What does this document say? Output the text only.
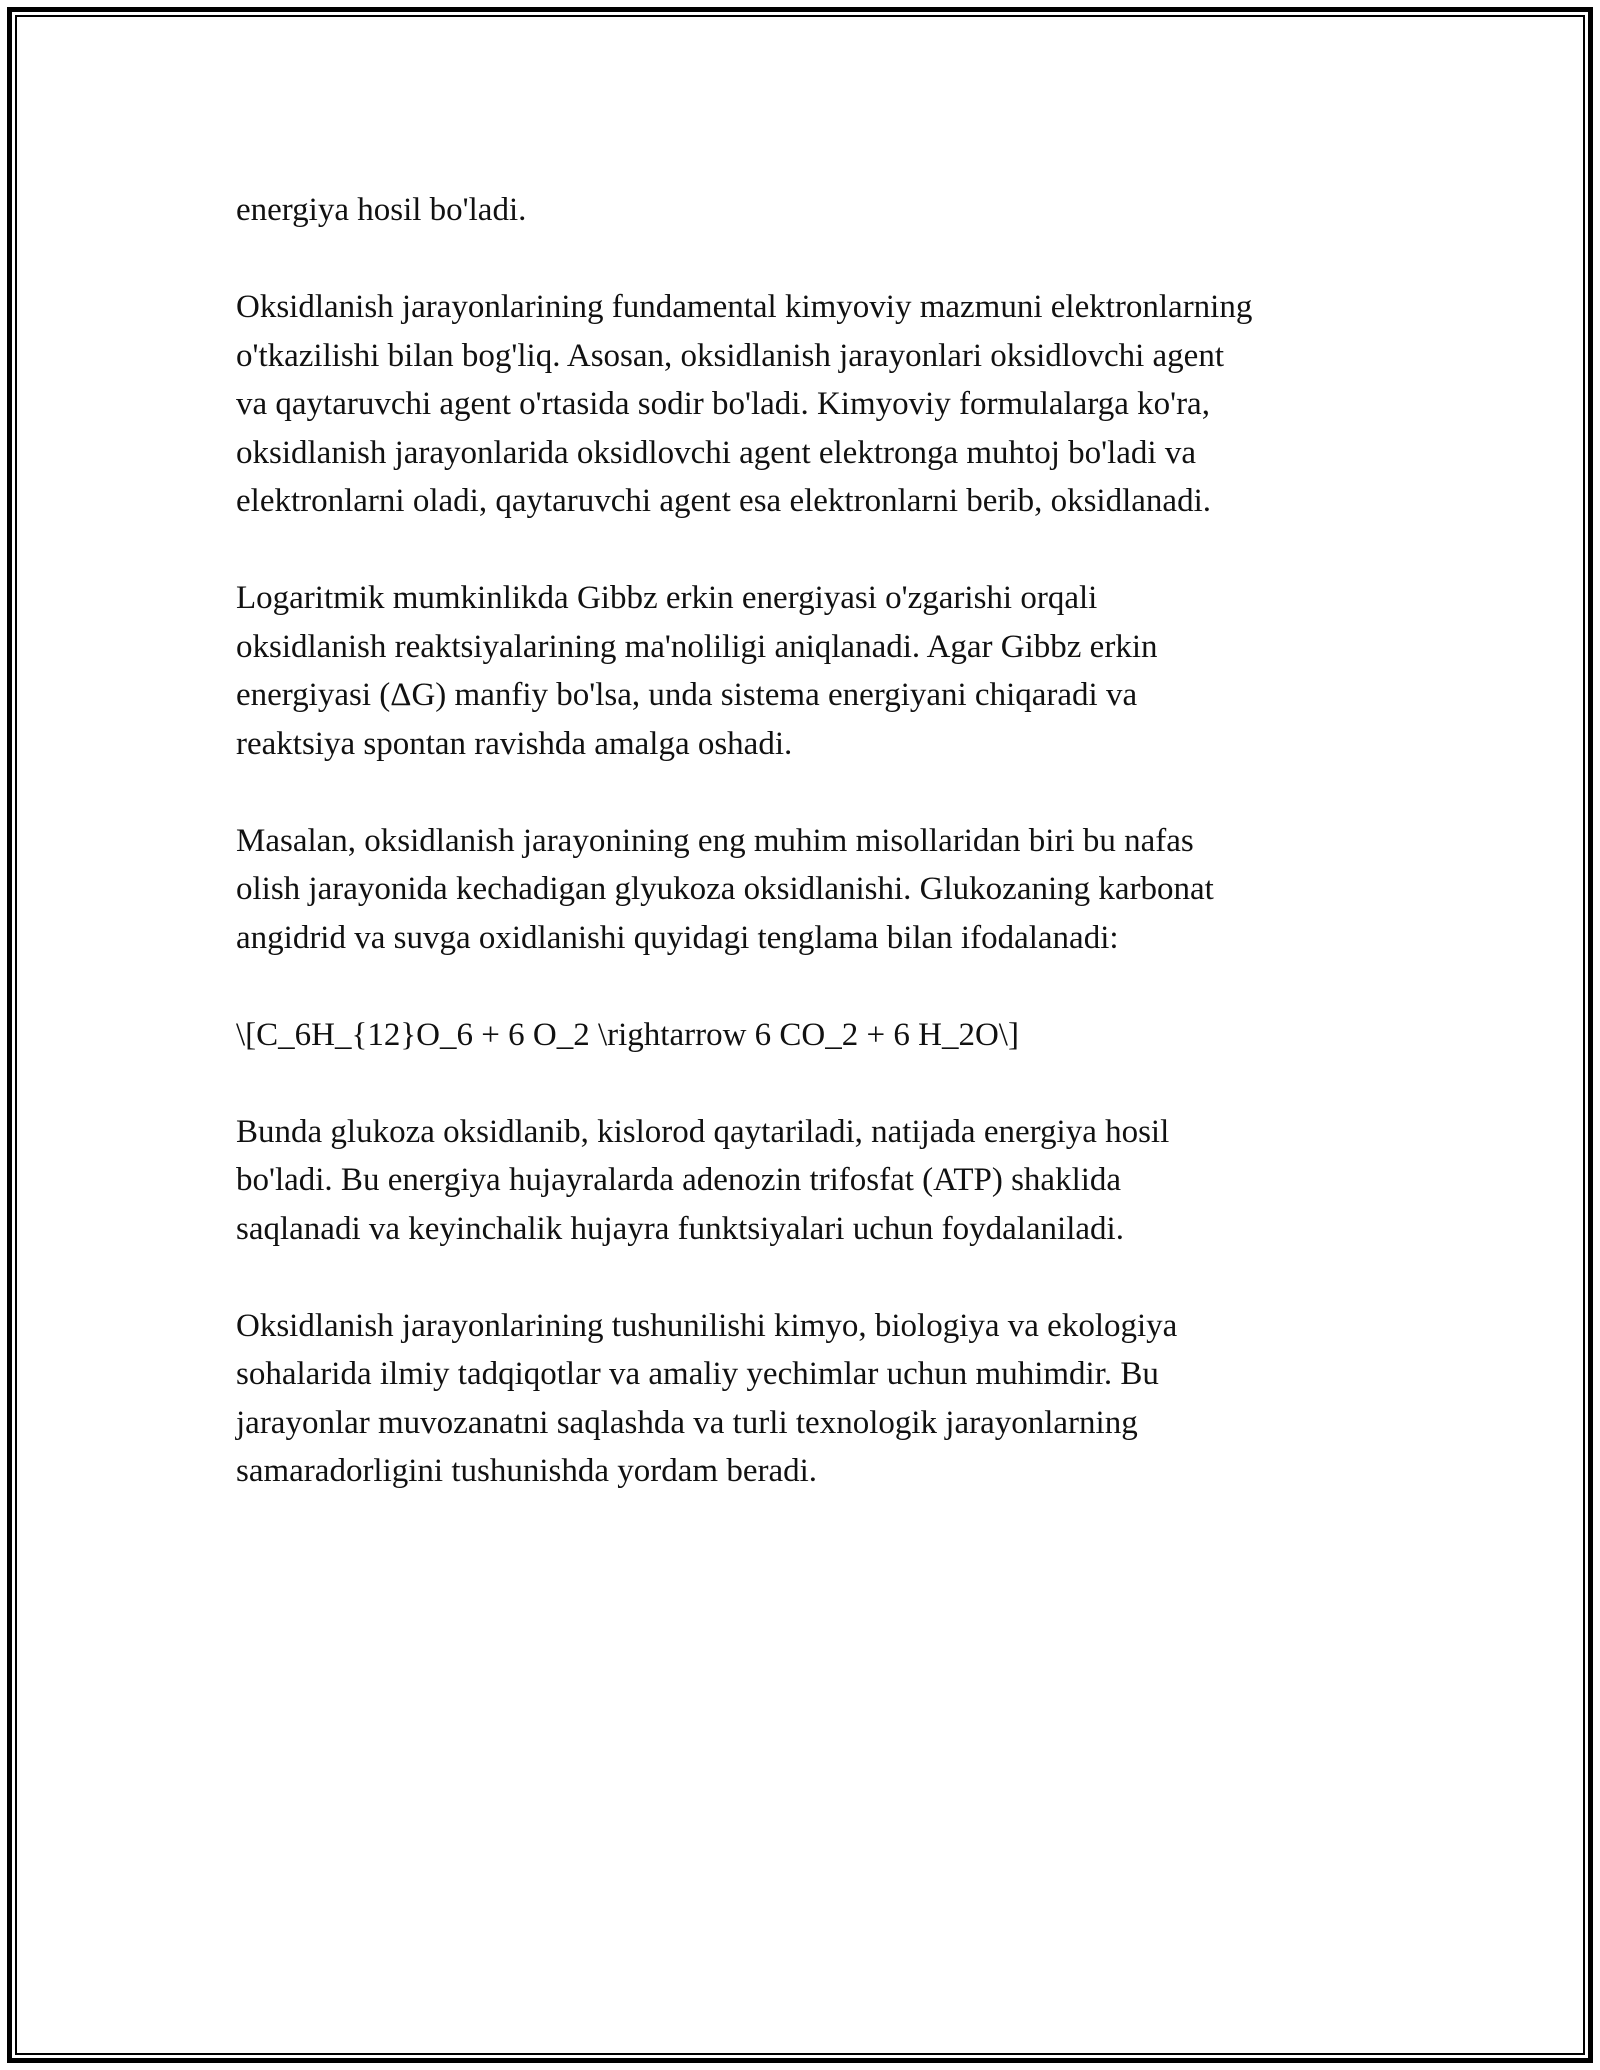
energiya hosil bo'ladi.

Oksidlanish jarayonlarining fundamental kimyoviy mazmuni elektronlarning
o'tkazilishi bilan bog'liq. Asosan, oksidlanish jarayonlari oksidlovchi agent
va qaytaruvchi agent o'rtasida sodir bo'ladi. Kimyoviy formulalarga ko'ra,
oksidlanish jarayonlarida oksidlovchi agent elektronga muhtoj bo'ladi va
elektronlarni oladi, qaytaruvchi agent esa elektronlarni berib, oksidlanadi.

Logaritmik mumkinlikda Gibbz erkin energiyasi o'zgarishi orqali
oksidlanish reaktsiyalarining ma'noliligi aniqlanadi. Agar Gibbz erkin
energiyasi (ΔG) manfiy bo'lsa, unda sistema energiyani chiqaradi va
reaktsiya spontan ravishda amalga oshadi.

Masalan, oksidlanish jarayonining eng muhim misollaridan biri bu nafas
olish jarayonida kechadigan glyukoza oksidlanishi. Glukozaning karbonat
angidrid va suvga oxidlanishi quyidagi tenglama bilan ifodalanadi:

\[C_6H_{12}O_6 + 6 O_2 \rightarrow 6 CO_2 + 6 H_2O\]

Bunda glukoza oksidlanib, kislorod qaytariladi, natijada energiya hosil
bo'ladi. Bu energiya hujayralarda adenozin trifosfat (ATP) shaklida
saqlanadi va keyinchalik hujayra funktsiyalari uchun foydalaniladi.

Oksidlanish jarayonlarining tushunilishi kimyo, biologiya va ekologiya
sohalarida ilmiy tadqiqotlar va amaliy yechimlar uchun muhimdir. Bu
jarayonlar muvozanatni saqlashda va turli texnologik jarayonlarning
samaradorligini tushunishda yordam beradi.
